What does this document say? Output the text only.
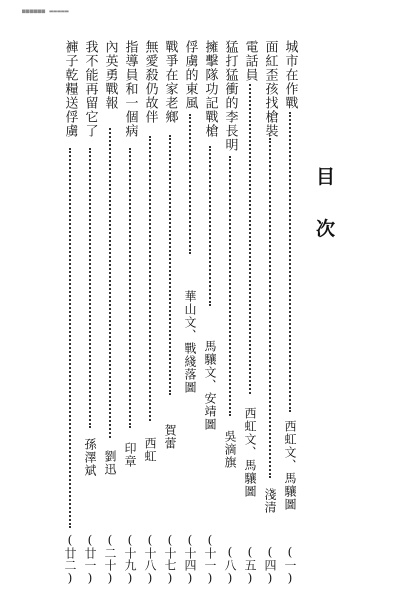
■■■■■■ ▬▬▬▬▬
目
次
城市在作戰
西虹文、馬驤圖
(一)
面紅歪孩找槍裝
淺清
(四)
電話員
西虹文、馬驤圖
(五)
猛打猛衝的李長明
吳滴旗
(八)
擁擊隊功記戰槍
馬驤文、安靖圖
(十一)
俘虜的東風
華山文、戰綫落圖
(十四)
戰爭在家老鄉
賀蕾
(十七)
無愛殺仍故伴
西虹
(十八)
指導員和一個病
印章
(十九)
內英勇戰報
劉迅
(二十)
我不能再留它了
孫澤斌
(廿一)
褲子乾糧送俘虜
(廿二)
